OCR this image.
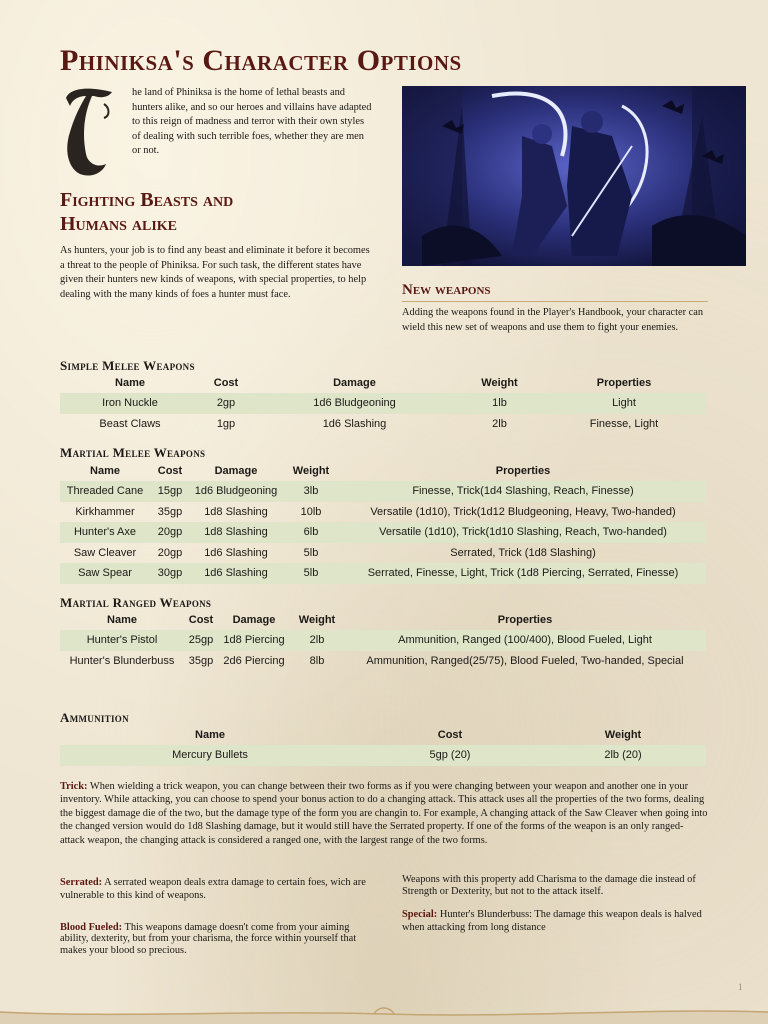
Phiniksa's Character Options

he land of Phiniksa is the home of lethal beasts and hunters alike, and so our heroes and villains have adapted to this reign of madness and terror with their own styles of dealing with such terrible foes, whether they are men or not.

Fighting Beasts and
Humans alike

As hunters, your job is to find any beast and eliminate it before it becomes a threat to the people of Phiniksa. For such task, the different states have given their hunters new kinds of weapons, with special properties, to help dealing with the many kinds of foes a hunter must face.	New weapons

Adding the weapons found in the Player's Handbook, your character can wield this new set of weapons and use them to fight your enemies.

Simple Melee Weapons
Name	Cost	Damage	Weight	Properties
Iron Nuckle	2gp	1d6 Bludgeoning	1lb	Light
Beast Claws	1gp	1d6 Slashing	2lb	Finesse, Light
Martial Melee Weapons
Name	Cost	Damage	Weight	Properties
Threaded Cane	15gp	1d6 Bludgeoning	3lb	Finesse, Trick(1d4 Slashing, Reach, Finesse)
Kirkhammer	35gp	1d8 Slashing	10lb	Versatile (1d10), Trick(1d12 Bludgeoning, Heavy, Two-handed)
Hunter's Axe	20gp	1d8 Slashing	6lb	Versatile (1d10), Trick(1d10 Slashing, Reach, Two-handed)
Saw Cleaver	20gp	1d6 Slashing	5lb	Serrated, Trick (1d8 Slashing)
Saw Spear	30gp	1d6 Slashing	5lb	Serrated, Finesse, Light, Trick (1d8 Piercing, Serrated, Finesse)
Martial Ranged Weapons
Name	Cost	Damage	Weight	Properties
Hunter's Pistol	25gp	1d8 Piercing	2lb	Ammunition, Ranged (100/400), Blood Fueled, Light
Hunter's Blunderbuss	35gp	2d6 Piercing	8lb	Ammunition, Ranged(25/75), Blood Fueled, Two-handed, Special
Ammunition
Name	Cost	Weight
Mercury Bullets	5gp (20)	2lb (20)

Trick: When wielding a trick weapon, you can change between their two forms as if you were changing between your weapon and another one in your inventory. While attacking, you can choose to spend your bonus action to do a changing attack. This attack uses all the properties of the two forms, dealing the biggest damage die of the two, but the damage type of the form you are changin to. For example, A changing attack of the Saw Cleaver when going into the changed version would do 1d8 Slashing damage, but it would still have the Serrated property. If one of the forms of the weapon is an only ranged-attack weapon, the changing attack is considered a ranged one, with the largest range of the two forms.

Serrated: A serrated weapon deals extra damage to certain foes, wich are vulnerable to this kind of weapons.

Blood Fueled: This weapons damage doesn't come from your aiming ability, dexterity, but from your charisma, the force within yourself that makes your blood so precious.

Weapons with this property add Charisma to the damage die instead of Strength or Dexterity, but not to the attack itself.

Special: Hunter's Blunderbuss: The damage this weapon deals is halved when attacking from long distance

1
